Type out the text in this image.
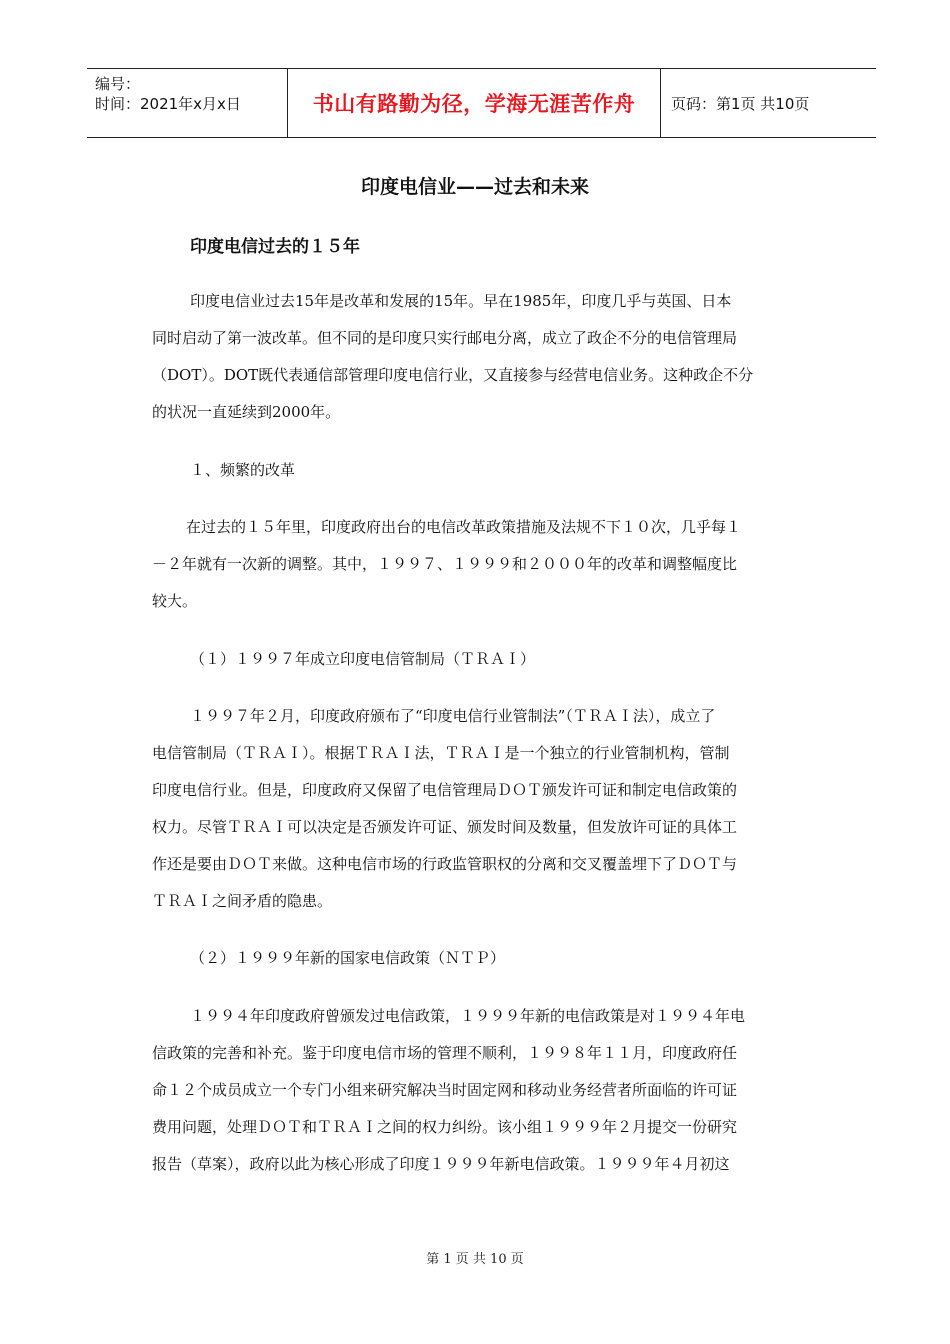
编号：
时间：2021年x月x日	书山有路勤为径，学海无涯苦作舟 页码：第1页 共10页
印度电信业——过去和未来
印度电信过去的１５年
印度电信业过去15年是改革和发展的15年。早在1985年，印度几乎与英国、日本
同时启动了第一波改革。但不同的是印度只实行邮电分离，成立了政企不分的电信管理局
（DOT）。DOT既代表通信部管理印度电信行业，又直接参与经营电信业务。这种政企不分
的状况一直延续到2000年。
１、频繁的改革
在过去的１５年里，印度政府出台的电信改革政策措施及法规不下１０次，几乎每１
－２年就有一次新的调整。其中，１９９７、１９９９和２０００年的改革和调整幅度比
较大。
（１）１９９７年成立印度电信管制局（ＴＲＡＩ）
１９９７年２月，印度政府颁布了“印度电信行业管制法”（ＴＲＡＩ法），成立了
电信管制局（ＴＲＡＩ）。根据ＴＲＡＩ法，ＴＲＡＩ是一个独立的行业管制机构，管制
印度电信行业。但是，印度政府又保留了电信管理局ＤＯＴ颁发许可证和制定电信政策的
权力。尽管ＴＲＡＩ可以决定是否颁发许可证、颁发时间及数量，但发放许可证的具体工
作还是要由ＤＯＴ来做。这种电信市场的行政监管职权的分离和交叉覆盖埋下了ＤＯＴ与
ＴＲＡＩ之间矛盾的隐患。
（２）１９９９年新的国家电信政策（ＮＴＰ）
１９９４年印度政府曾颁发过电信政策，１９９９年新的电信政策是对１９９４年电
信政策的完善和补充。鉴于印度电信市场的管理不顺利，１９９８年１１月，印度政府任
命１２个成员成立一个专门小组来研究解决当时固定网和移动业务经营者所面临的许可证
费用问题，处理ＤＯＴ和ＴＲＡＩ之间的权力纠纷。该小组１９９９年２月提交一份研究
报告（草案），政府以此为核心形成了印度１９９９年新电信政策。１９９９年４月初这
第 1 页 共 10 页
